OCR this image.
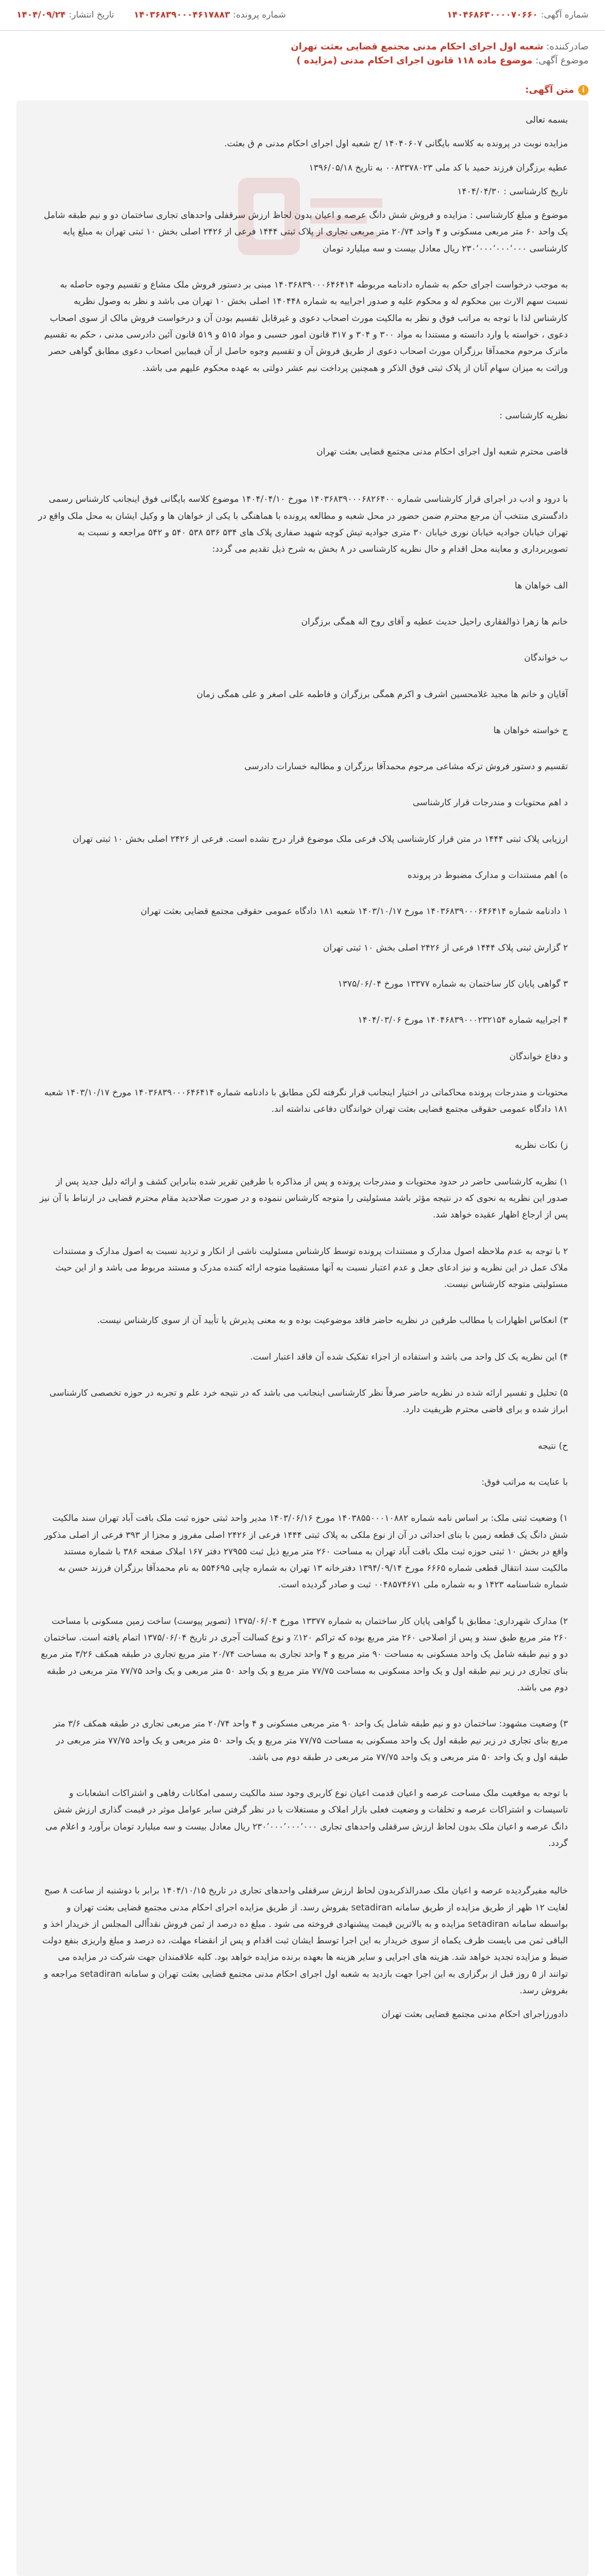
شماره آگهی:
۱۴۰۴۶۸۶۳۰۰۰۰۷۰۶۶۰
شماره پرونده:
۱۴۰۳۶۸۳۹۰۰۰۴۶۱۷۸۸۳
تاریخ انتشار:
۱۴۰۴/۰۹/۲۴
صادرکننده: شعبه اول اجرای احکام مدنی مجتمع قضایی بعثت تهران
موضوع آگهی: موضوع ماده ۱۱۸ قانون اجرای احکام مدنی (مزایده )
i
متن آگهی:

بسمه تعالی

مزایده نوبت در پرونده به کلاسه بایگانی ۱۴۰۴۰۶۰۷ /ج شعبه اول اجرای احکام مدنی م ق بعثت.

عطیه برزگران فرزند حمید با کد ملی ۰۰۸۳۳۷۸۰۲۳ به تاریخ ۱۳۹۶/۰۵/۱۸

تاریخ کارشناسی : ۱۴۰۴/۰۴/۳۰

موضوع و مبلغ کارشناسی : مزایده و فروش شش دانگ عرصه و اعیان بدون لحاظ ارزش سرقفلی واحدهای تجاری ساختمان دو و نیم طبقه شامل یک واحد ۶۰ متر مربعی مسکونی و ۴ واحد ۲۰/۷۴ متر مربعی تجاری از پلاک ثبتی ۱۴۴۴ فرعی از ۲۴۲۶ اصلی بخش ۱۰ ثبتی تهران به مبلغ پایه کارشناسی ۲۳۰٬۰۰۰٬۰۰۰٬۰۰۰ ریال معادل بیست و سه میلیارد تومان

به موجب درخواست اجرای حکم به شماره دادنامه مربوطه ۱۴۰۳۶۸۳۹۰۰۰۶۴۶۴۱۴ مبنی بر دستور فروش ملک مشاع و تقسیم وجوه حاصله به نسبت سهم الارث بین محکوم له و محکوم علیه و صدور اجراییه به شماره ۱۴۰۴۴۸ اصلی بخش ۱۰ تهران می باشد و نظر به وصول نظریه کارشناس لذا با توجه به مراتب فوق و نظر به مالکیت مورث اصحاب دعوی و غیرقابل تقسیم بودن آن و درخواست فروش مالک از سوی اصحاب دعوی ، خواسته یا وارد دانسته و مستندا به مواد ۳۰۰ و ۳۰۴ و ۳۱۷ قانون امور حسبی و مواد ۵۱۵ و ۵۱۹ قانون آئین دادرسی مدنی ، حکم به تقسیم ماترک مرحوم محمدآقا برزگران مورث اصحاب دعوی از طریق فروش آن و تقسیم وجوه حاصل از آن فیمابین اصحاب دعوی مطابق گواهی حصر وراثت به میزان سهام آنان از پلاک ثبتی فوق الذکر و همچنین پرداخت نیم عشر دولتی به عهده محکوم علیهم می باشد.

نظریه کارشناسی :

قاضی محترم شعبه اول اجرای احکام مدنی مجتمع قضایی بعثت تهران

با درود و ادب در اجرای قرار کارشناسی شماره ۱۴۰۳۶۸۳۹۰۰۰۶۸۲۶۴۰۰ مورخ ۱۴۰۴/۰۴/۱۰ موضوع کلاسه بایگانی فوق اینجانب کارشناس رسمی دادگستری منتخب آن مرجع محترم ضمن حضور در محل شعبه و مطالعه پرونده با هماهنگی با یکی از خواهان ها و وکیل ایشان به محل ملک واقع در تهران خیابان جوادیه خیابان نوری خیابان ۳۰ متری جوادیه تیش کوچه شهید صفاری پلاک های ۵۳۴ ۵۳۶ ۵۳۸ ۵۴۰ و ۵۴۲ مراجعه و نسبت به تصویربرداری و معاینه محل اقدام و حال نظریه کارشناسی در ۸ بخش به شرح ذیل تقدیم می گردد:

الف خواهان ها

خانم ها زهرا ذوالفقاری راحیل حدیث عطیه و آقای روح اله همگی برزگران

ب خواندگان

آقایان و خانم ها مجید غلامحسین اشرف و اکرم همگی برزگران و فاطمه علی اصغر و علی همگی زمان

ج خواسته خواهان ها

تقسیم و دستور فروش ترکه مشاعی مرحوم محمدآقا برزگران و مطالبه خسارات دادرسی

د اهم محتویات و مندرجات قرار کارشناسی

ارزیابی پلاک ثبتی ۱۴۴۴ در متن قرار کارشناسی پلاک فرعی ملک موضوع قرار درج نشده است. فرعی از ۲۴۲۶ اصلی بخش ۱۰ ثبتی تهران

ه) اهم مستندات و مدارک مضبوط در پرونده

۱ دادنامه شماره ۱۴۰۳۶۸۳۹۰۰۰۶۴۶۴۱۴ مورخ ۱۴۰۳/۱۰/۱۷ شعبه ۱۸۱ دادگاه عمومی حقوقی مجتمع قضایی بعثت تهران

۲ گزارش ثبتی پلاک ۱۴۴۴ فرعی از ۲۴۲۶ اصلی بخش ۱۰ ثبتی تهران

۳ گواهی پایان کار ساختمان به شماره ۱۳۳۷۷ مورخ ۱۳۷۵/۰۶/۰۴

۴ اجراییه شماره ۱۴۰۴۶۸۳۹۰۰۰۲۳۲۱۵۴ مورخ ۱۴۰۴/۰۳/۰۶

و دفاع خواندگان

محتویات و مندرجات پرونده محاکماتی در اختیار اینجانب قرار نگرفته لکن مطابق با دادنامه شماره ۱۴۰۳۶۸۳۹۰۰۰۶۴۶۴۱۴ مورخ ۱۴۰۳/۱۰/۱۷ شعبه ۱۸۱ دادگاه عمومی حقوقی مجتمع قضایی بعثت تهران خواندگان دفاعی نداشته اند.

ز) نکات نظریه

۱) نظریه کارشناسی حاضر در حدود محتویات و مندرجات پرونده و پس از مذاکره با طرفین تقریر شده بنابراین کشف و ارائه دلیل جدید پس از صدور این نظریه به نحوی که در نتیجه مؤثر باشد مسئولیتی را متوجه کارشناس ننموده و در صورت صلاحدید مقام محترم قضایی در ارتباط با آن نیز پس از ارجاع اظهار عقیده خواهد شد.

۲ با توجه به عدم ملاحظه اصول مدارک و مستندات پرونده توسط کارشناس مسئولیت ناشی از انکار و تردید نسبت به اصول مدارک و مستندات ملاک عمل در این نظریه و نیز ادعای جعل و عدم اعتبار نسبت به آنها مستقیما متوجه ارائه کننده مدرک و مستند مربوط می باشد و از این حیث مسئولیتی متوجه کارشناس نیست.

۳) انعکاس اظهارات یا مطالب طرفین در نظریه حاضر فاقد موضوعیت بوده و به معنی پذیرش یا تأیید آن از سوی کارشناس نیست.

۴) این نظریه یک کل واحد می باشد و استفاده از اجزاء تفکیک شده آن فاقد اعتبار است.

۵) تحلیل و تفسیر ارائه شده در نظریه حاضر صرفاً نظر کارشناسی اینجانب می باشد که در نتیجه خرد علم و تجربه در حوزه تخصصی کارشناسی ابراز شده و برای قاضی محترم ظریفیت دارد.

ح) نتیجه

با عنایت به مراتب فوق:

۱) وضعیت ثبتی ملک: بر اساس نامه شماره ۱۴۰۳۸۵۵۰۰۰۱۰۸۸۲ مورخ ۱۴۰۳/۰۶/۱۶ مدیر واحد ثبتی حوزه ثبت ملک بافت آباد تهران سند مالکیت شش دانگ یک قطعه زمین با بنای احداثی در آن از نوع ملکی به پلاک ثبتی ۱۴۴۴ فرعی از ۲۴۲۶ اصلی مفروز و مجزا از ۳۹۳ فرعی از اصلی مذکور واقع در بخش ۱۰ ثبتی حوزه ثبت ملک بافت آباد تهران به مساحت ۲۶۰ متر مربع ذیل ثبت ۲۷۹۵۵ دفتر ۱۶۷ املاک صفحه ۳۸۶ با شماره مستند مالکیت سند انتقال قطعی شماره ۶۶۶۵ مورخ ۱۳۹۴/۰۹/۱۴ دفترخانه ۱۳ تهران به شماره چاپی ۵۵۴۶۹۵ به نام محمدآقا برزگران فرزند حسن به شماره شناسنامه ۱۴۲۳ و به شماره ملی ۰۰۴۸۵۷۴۶۷۱ ثبت و صادر گردیده است.

۲) مدارک شهرداری: مطابق با گواهی پایان کار ساختمان به شماره ۱۳۳۷۷ مورخ ۱۳۷۵/۰۶/۰۴ (تصویر پیوست) ساخت زمین مسکونی با مساحت ۲۶۰ متر مربع طبق سند و پس از اصلاحی ۲۶۰ متر مربع بوده که تراکم ۱۲۰٪ و نوع کسالت آجری در تاریخ ۱۳۷۵/۰۶/۰۴ اتمام یافته است. ساختمان دو و نیم طبقه شامل یک واحد مسکونی به مساحت ۹۰ متر مربع و ۴ واحد تجاری به مساحت ۲۰/۷۴ متر مربع تجاری در طبقه همکف ۳/۲۶ متر مربع بنای تجاری در زیر نیم طبقه اول و یک واحد مسکونی به مساحت ۷۷/۷۵ متر مربع و یک واحد ۵۰ متر مربعی و یک واحد ۷۷/۷۵ متر مربعی در طبقه دوم می باشد.

۳) وضعیت مشهود: ساختمان دو و نیم طبقه شامل یک واحد ۹۰ متر مربعی مسکونی و ۴ واحد ۲۰/۷۴ متر مربعی تجاری در طبقه همکف ۳/۶ متر مربع بنای تجاری در زیر نیم طبقه اول یک واحد مسکونی به مساحت ۷۷/۷۵ متر مربع و یک واحد ۵۰ متر مربعی و یک واحد ۷۷/۷۵ متر مربعی در طبقه اول و یک واحد ۵۰ متر مربعی و یک واحد ۷۷/۷۵ متر مربعی در طبقه دوم می باشد.

با توجه به موقعیت ملک مساحت عرصه و اعیان قدمت اعیان نوع کاربری وجود سند مالکیت رسمی امکانات رفاهی و اشتراکات انشعابات و تاسیسات و اشتراکات عرصه و تخلفات و وضعیت فعلی بازار املاک و مستغلات با در نظر گرفتن سایر عوامل موثر در قیمت گذاری ارزش شش دانگ عرصه و اعیان ملک بدون لحاظ ارزش سرقفلی واحدهای تجاری ۲۳۰٬۰۰۰٬۰۰۰٬۰۰۰ ریال معادل بیست و سه میلیارد تومان برآورد و اعلام می گردد.

خالیه مفیرگردیده عرصه و اعیان ملک صدرالذکربدون لحاظ ارزش سرقفلی واحدهای تجاری در تاریخ ۱۴۰۴/۱۰/۱۵ برابر با دوشنبه از ساعت ۸ صبح لغایت ۱۲ ظهر از طریق مزایده از طریق سامانه setadiran بفروش رسد. از طریق مزایده اجرای احکام مدنی مجتمع قضایی بعثت تهران و بواسطه سامانه setadiran مزایده و به بالاترین قیمت پیشنهادی فروخته می شود . مبلغ ده درصد از ثمن فروش نقداًالی المجلس از خریدار اخذ و الباقی ثمن می بایست ظرف یکماه از سوی خریدار به این اجرا توسط ایشان ثبت اقدام و پس از انقضاء مهلت، ده درصد و مبلغ واریزی بنفع دولت ضبط و مزایده تجدید خواهد شد. هزینه های اجرایی و سایر هزینه ها بعهده برنده مزایده خواهد بود. کلیه علاقمندان جهت شرکت در مزایده می توانند از ۵ روز قبل از برگزاری به این اجرا جهت بازدید به شعبه اول اجرای احکام مدنی مجتمع قضایی بعثت تهران و سامانه setadiran مراجعه و بفروش رسد.

دادورزاجرای احکام مدنی مجتمع قضایی بعثت تهران
